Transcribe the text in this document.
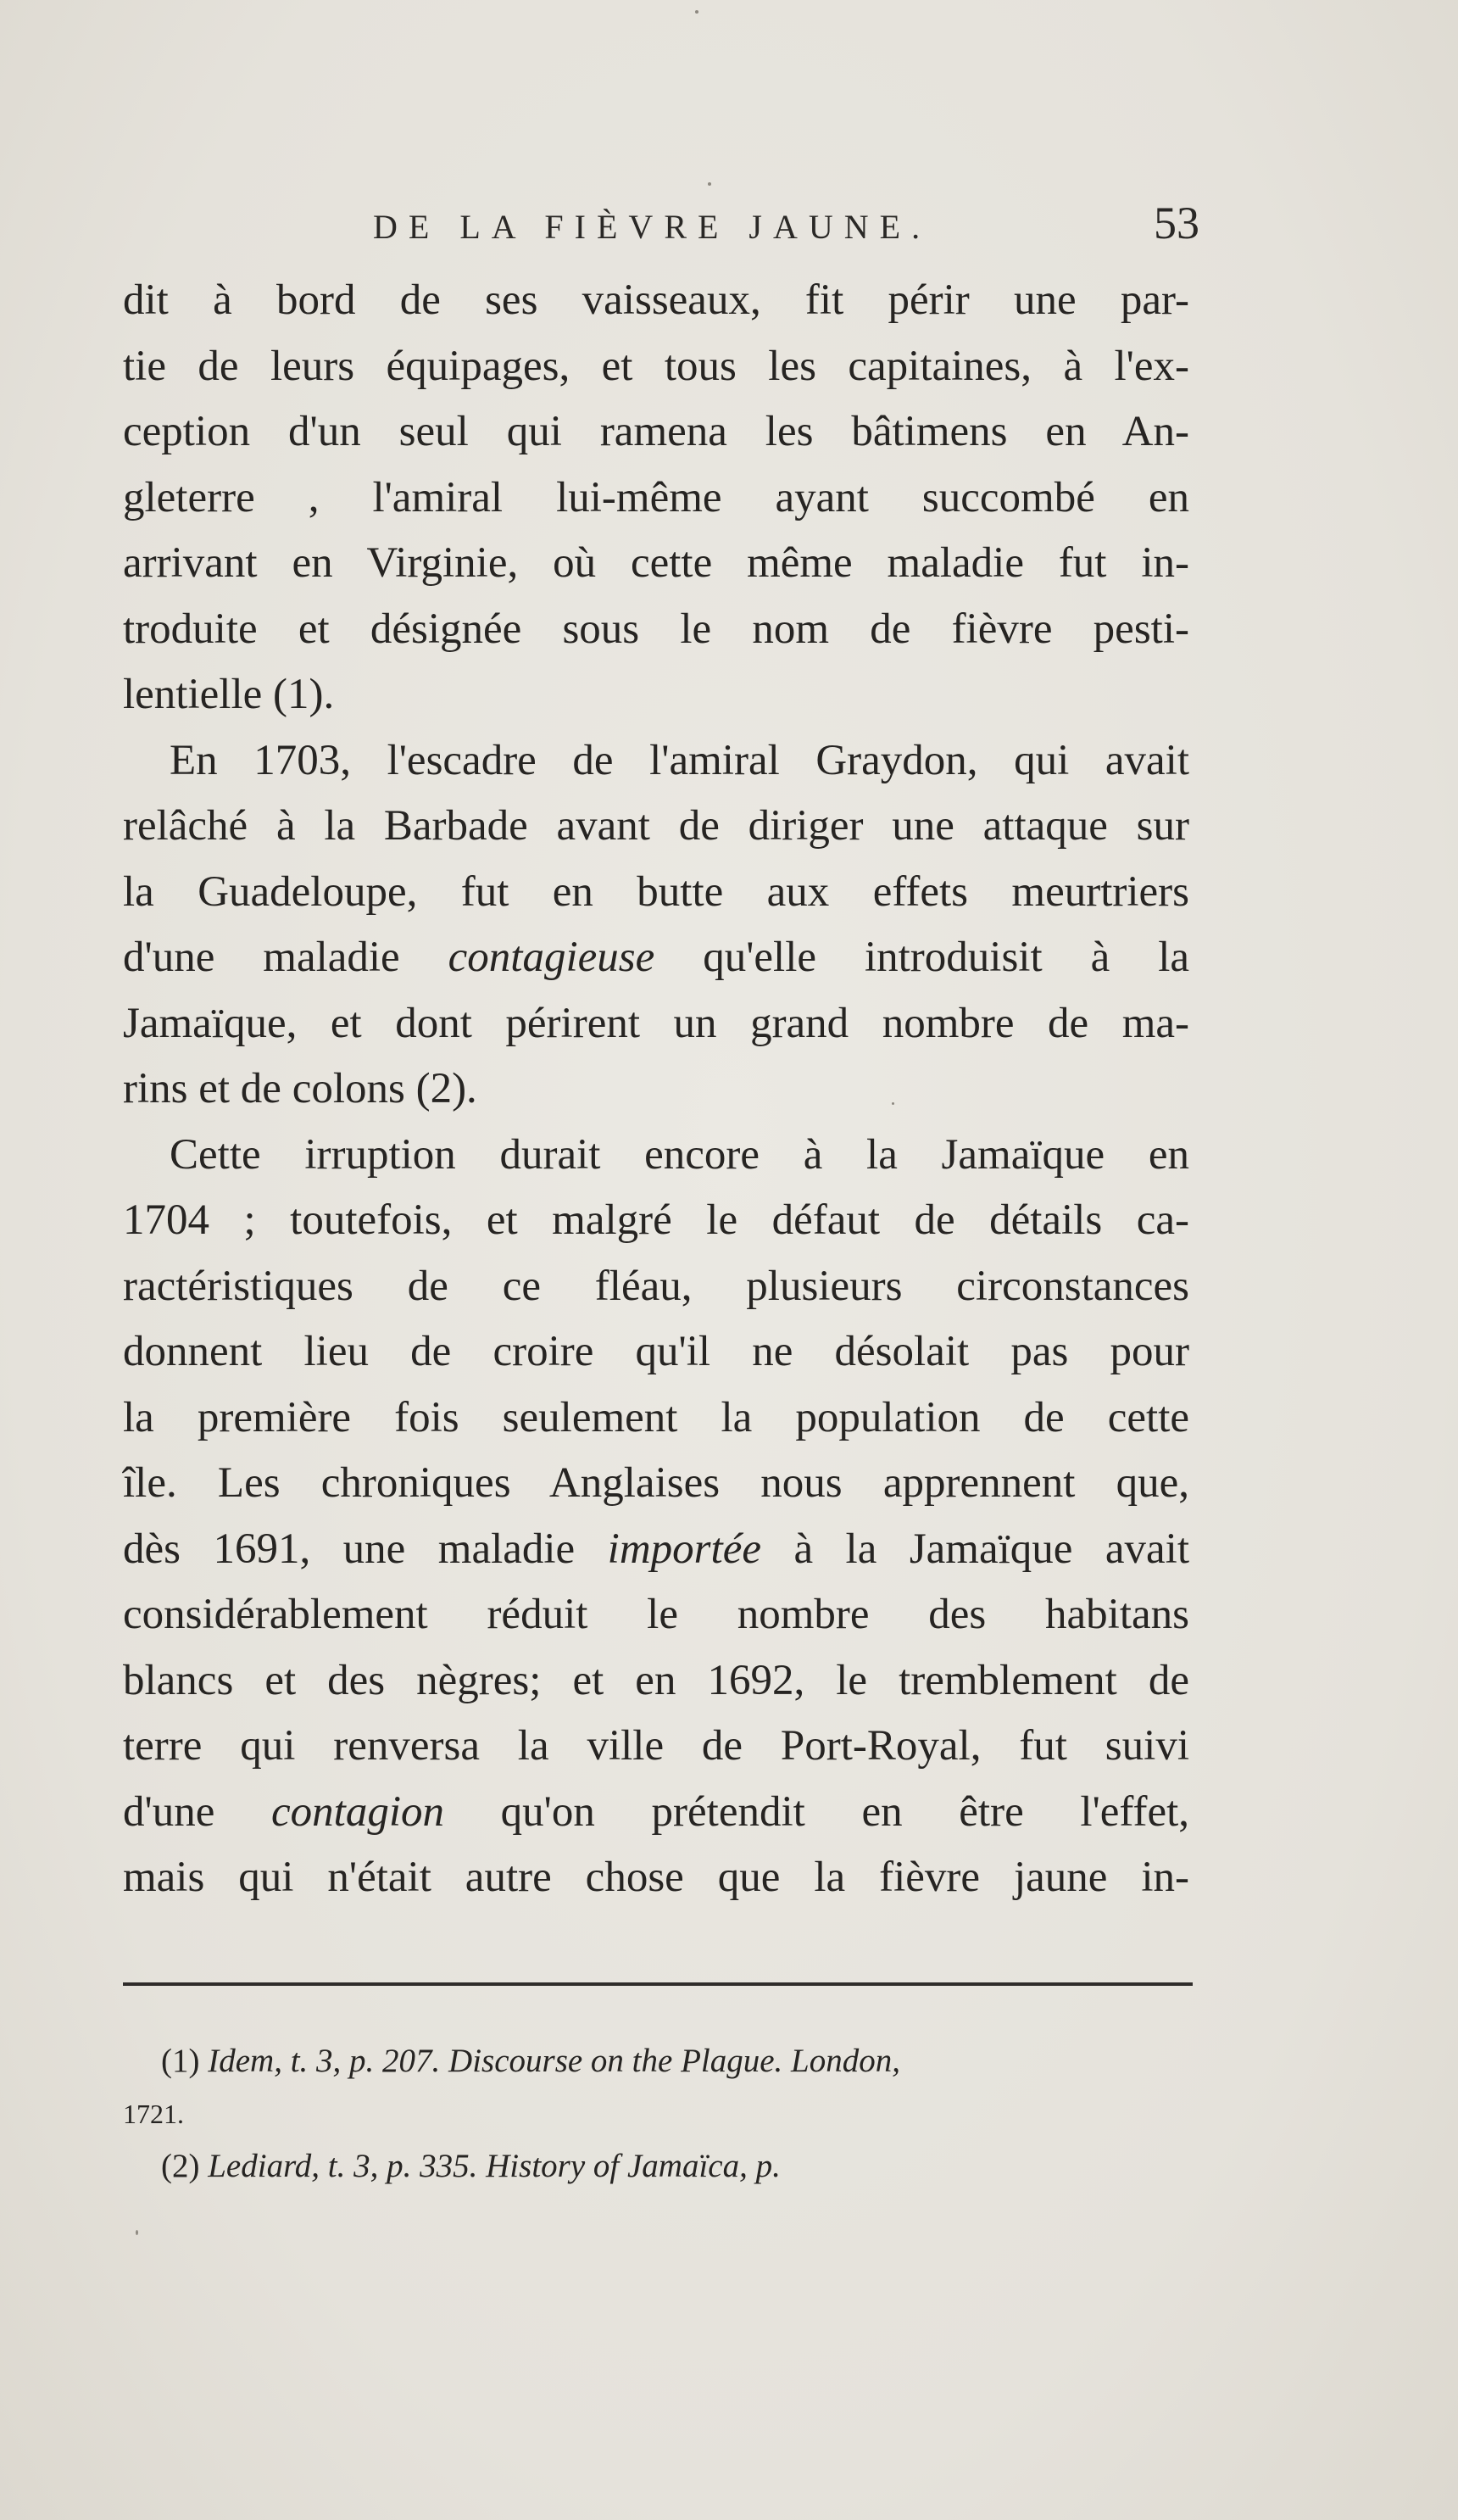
DE LA FIÈVRE JAUNE.	53
dit à bord de ses vaisseaux, fit périr une par-
tie de leurs équipages, et tous les capitaines, à l'ex-
ception d'un seul qui ramena les bâtimens en An-
gleterre , l'amiral lui-même ayant succombé en
arrivant en Virginie, où cette même maladie fut in-
troduite et désignée sous le nom de fièvre pesti-
lentielle (1).
En 1703, l'escadre de l'amiral Graydon, qui avait
relâché à la Barbade avant de diriger une attaque sur
la Guadeloupe, fut en butte aux effets meurtriers
d'une maladie contagieuse qu'elle introduisit à la
Jamaïque, et dont périrent un grand nombre de ma-
rins et de colons (2).
Cette irruption durait encore à la Jamaïque en
1704 ; toutefois, et malgré le défaut de détails ca-
ractéristiques de ce fléau, plusieurs circonstances
donnent lieu de croire qu'il ne désolait pas pour
la première fois seulement la population de cette
île. Les chroniques Anglaises nous apprennent que,
dès 1691, une maladie importée à la Jamaïque avait
considérablement réduit le nombre des habitans
blancs et des nègres; et en 1692, le tremblement de
terre qui renversa la ville de Port-Royal, fut suivi
d'une contagion qu'on prétendit en être l'effet,
mais qui n'était autre chose que la fièvre jaune in-
(1) Idem, t. 3, p. 207. Discourse on the Plague. London,
1721.
(2) Lediard, t. 3, p. 335. History of Jamaïca, p.
